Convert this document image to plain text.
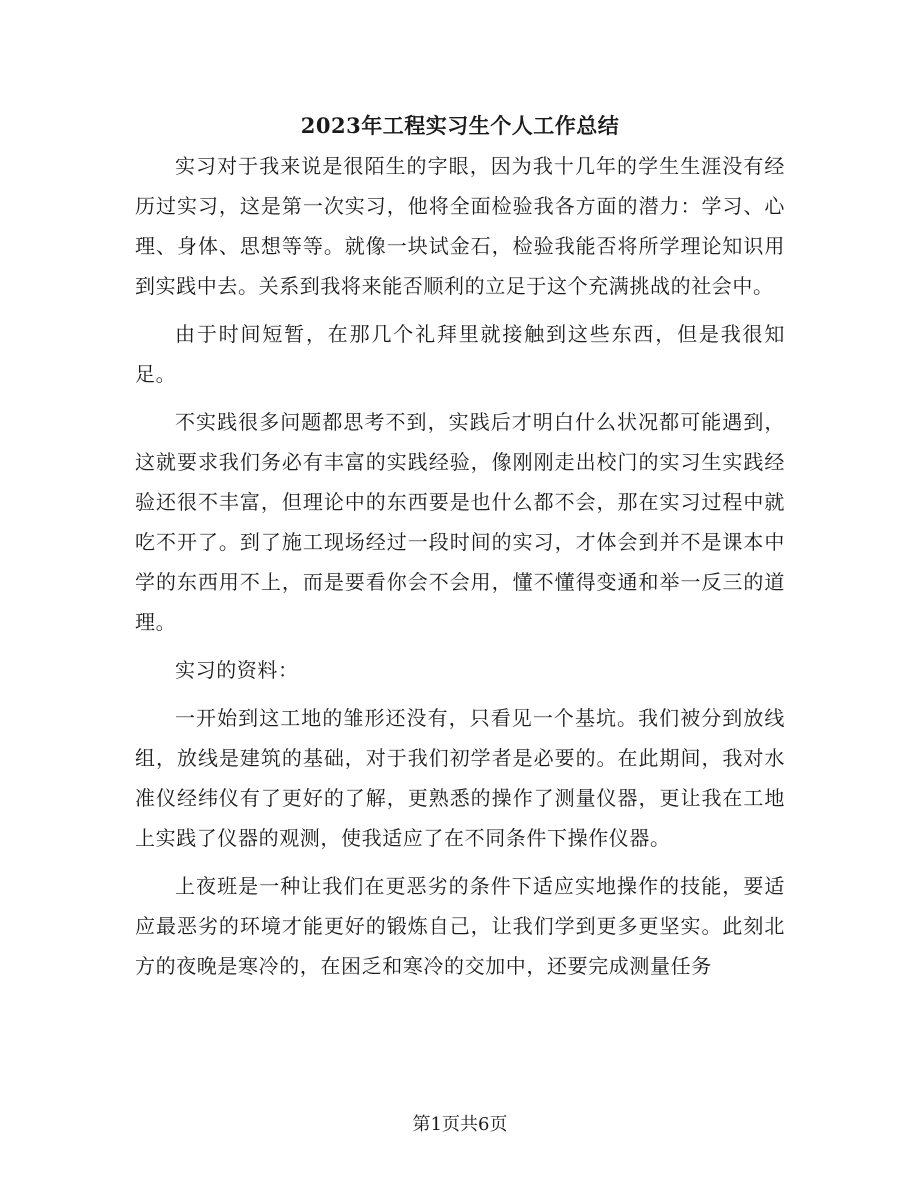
2023年工程实习生个人工作总结

实习对于我来说是很陌生的字眼，因为我十几年的学生生涯没有经历过实习，这是第一次实习，他将全面检验我各方面的潜力：学习、心理、身体、思想等等。就像一块试金石，检验我能否将所学理论知识用到实践中去。关系到我将来能否顺利的立足于这个充满挑战的社会中。

由于时间短暂，在那几个礼拜里就接触到这些东西，但是我很知足。

不实践很多问题都思考不到，实践后才明白什么状况都可能遇到，这就要求我们务必有丰富的实践经验，像刚刚走出校门的实习生实践经验还很不丰富，但理论中的东西要是也什么都不会，那在实习过程中就吃不开了。到了施工现场经过一段时间的实习，才体会到并不是课本中学的东西用不上，而是要看你会不会用，懂不懂得变通和举一反三的道理。

实习的资料：

一开始到这工地的雏形还没有，只看见一个基坑。我们被分到放线组，放线是建筑的基础，对于我们初学者是必要的。在此期间，我对水准仪经纬仪有了更好的了解，更熟悉的操作了测量仪器，更让我在工地上实践了仪器的观测，使我适应了在不同条件下操作仪器。

上夜班是一种让我们在更恶劣的条件下适应实地操作的技能，要适应最恶劣的环境才能更好的锻炼自己，让我们学到更多更坚实。此刻北方的夜晚是寒冷的，在困乏和寒冷的交加中，还要完成测量任务

第1页共6页
